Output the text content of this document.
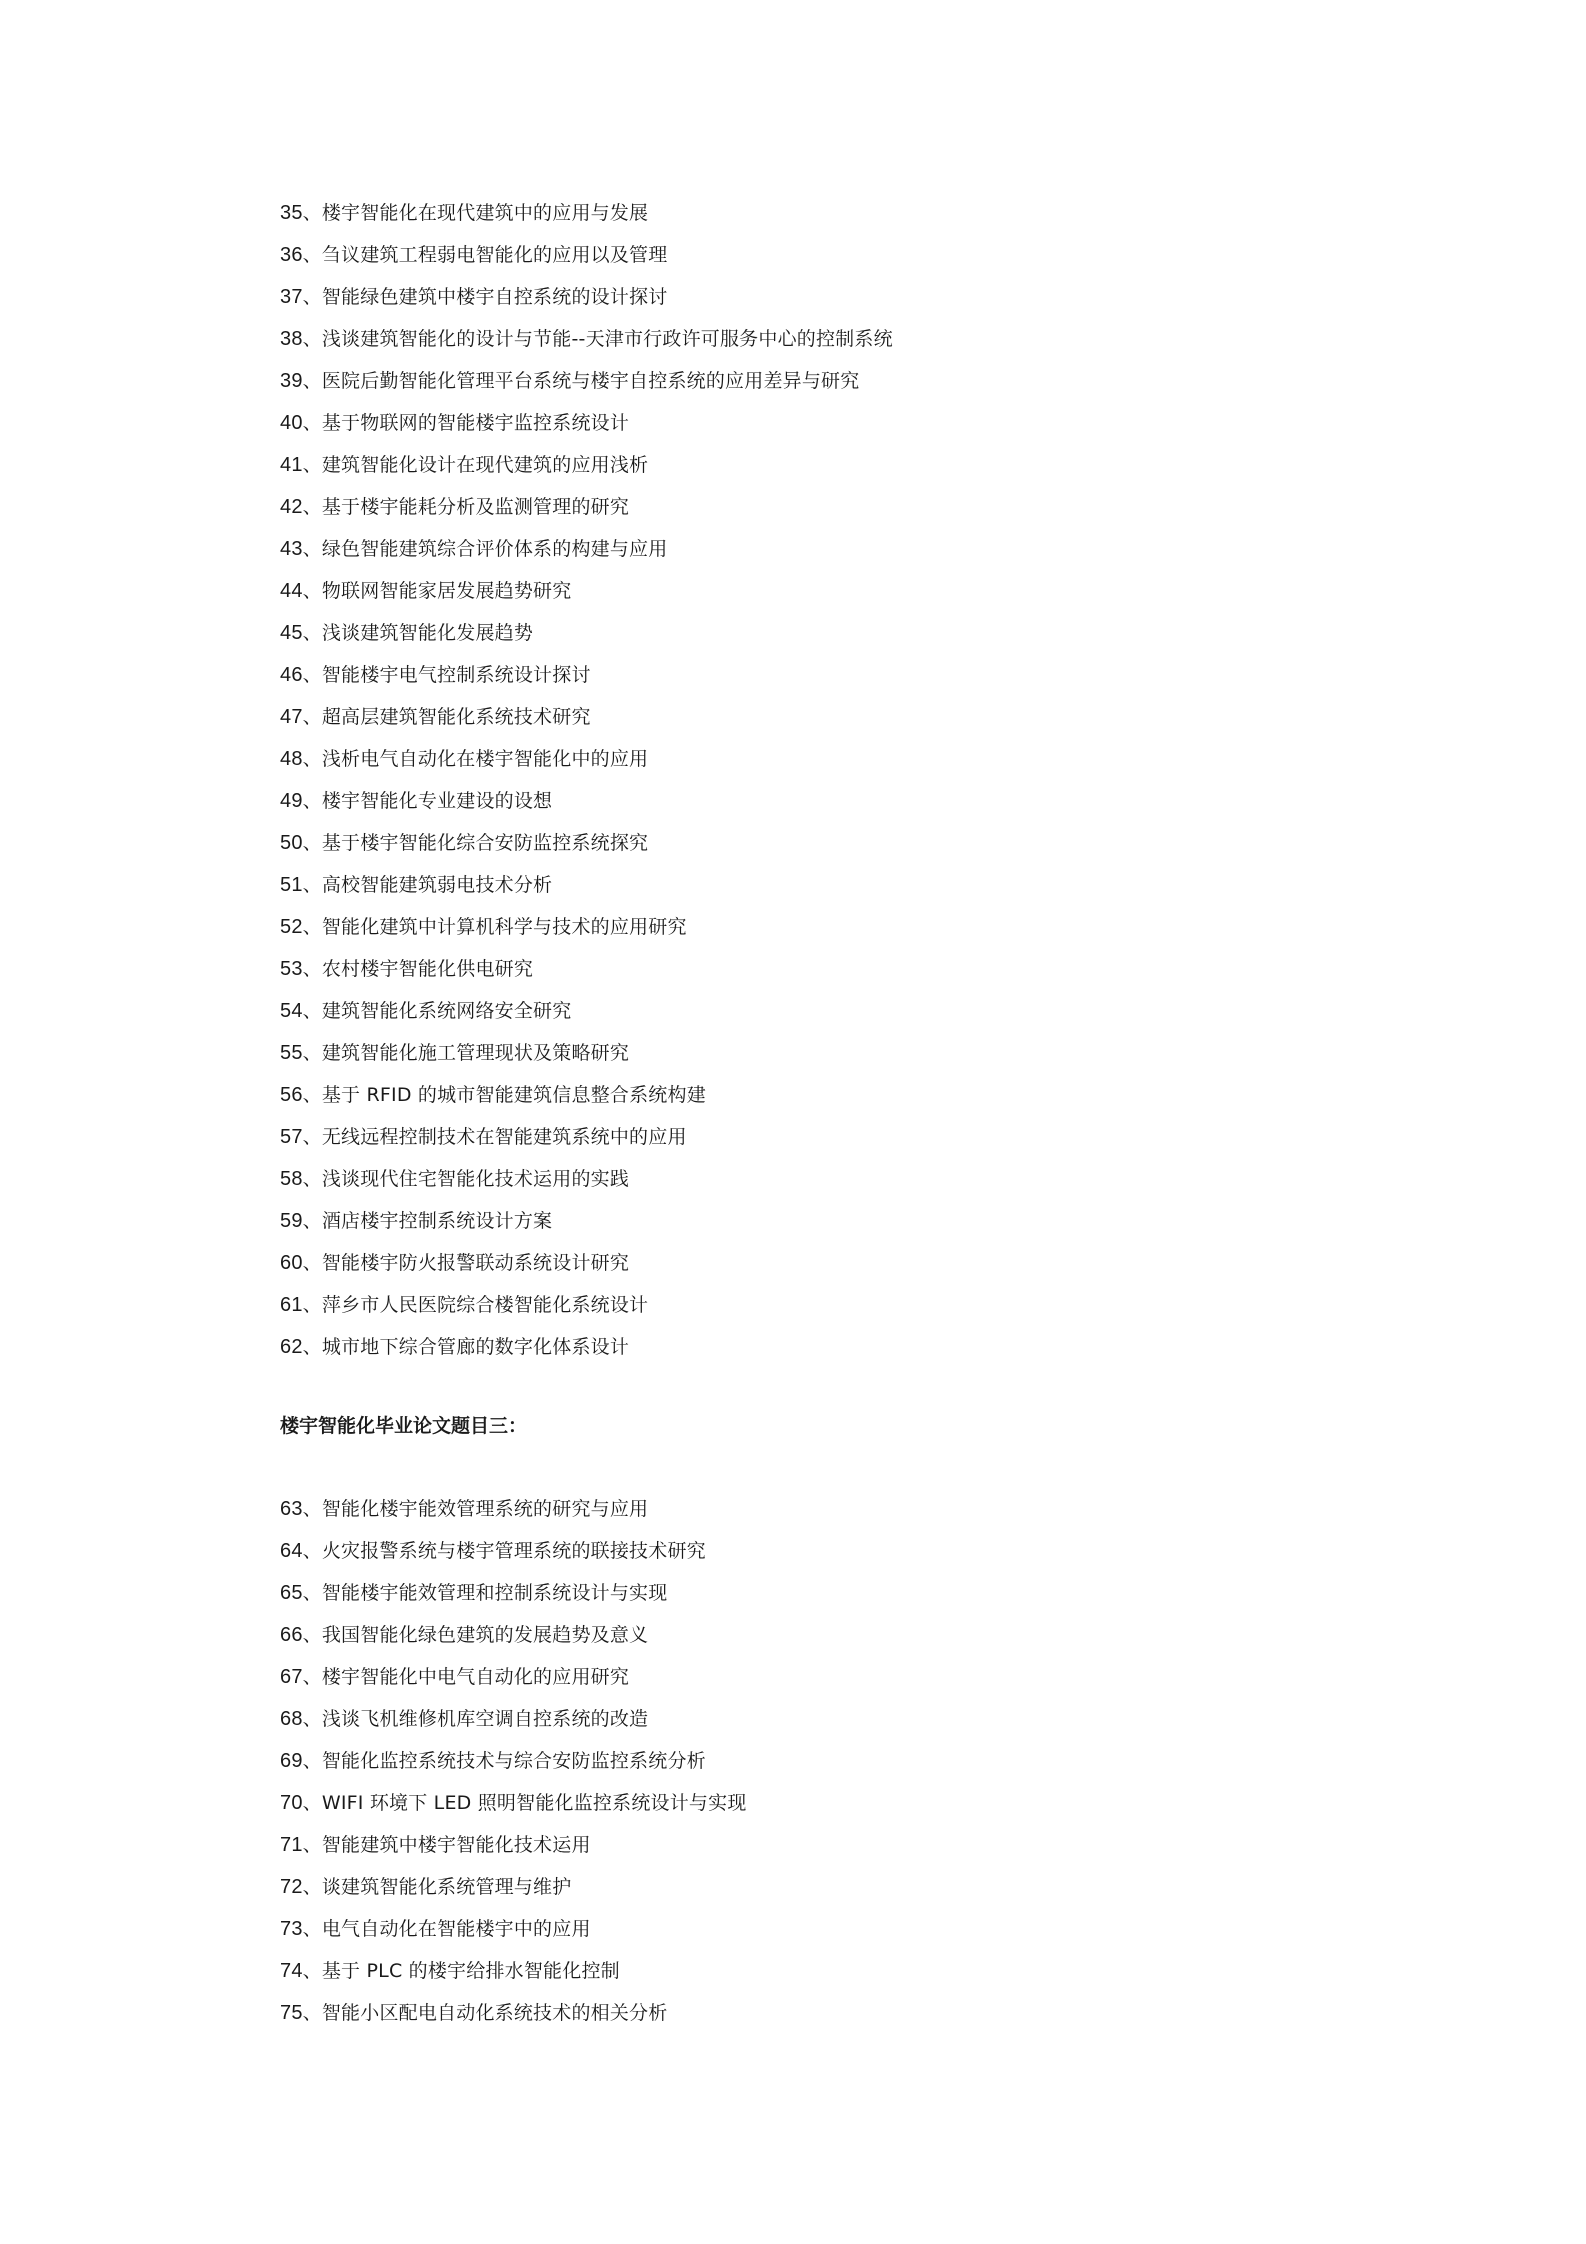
35、楼宇智能化在现代建筑中的应用与发展
36、刍议建筑工程弱电智能化的应用以及管理
37、智能绿色建筑中楼宇自控系统的设计探讨
38、浅谈建筑智能化的设计与节能--天津市行政许可服务中心的控制系统
39、医院后勤智能化管理平台系统与楼宇自控系统的应用差异与研究
40、基于物联网的智能楼宇监控系统设计
41、建筑智能化设计在现代建筑的应用浅析
42、基于楼宇能耗分析及监测管理的研究
43、绿色智能建筑综合评价体系的构建与应用
44、物联网智能家居发展趋势研究
45、浅谈建筑智能化发展趋势
46、智能楼宇电气控制系统设计探讨
47、超高层建筑智能化系统技术研究
48、浅析电气自动化在楼宇智能化中的应用
49、楼宇智能化专业建设的设想
50、基于楼宇智能化综合安防监控系统探究
51、高校智能建筑弱电技术分析
52、智能化建筑中计算机科学与技术的应用研究
53、农村楼宇智能化供电研究
54、建筑智能化系统网络安全研究
55、建筑智能化施工管理现状及策略研究
56、基于 RFID 的城市智能建筑信息整合系统构建
57、无线远程控制技术在智能建筑系统中的应用
58、浅谈现代住宅智能化技术运用的实践
59、酒店楼宇控制系统设计方案
60、智能楼宇防火报警联动系统设计研究
61、萍乡市人民医院综合楼智能化系统设计
62、城市地下综合管廊的数字化体系设计
楼宇智能化毕业论文题目三：
63、智能化楼宇能效管理系统的研究与应用
64、火灾报警系统与楼宇管理系统的联接技术研究
65、智能楼宇能效管理和控制系统设计与实现
66、我国智能化绿色建筑的发展趋势及意义
67、楼宇智能化中电气自动化的应用研究
68、浅谈飞机维修机库空调自控系统的改造
69、智能化监控系统技术与综合安防监控系统分析
70、WIFI 环境下 LED 照明智能化监控系统设计与实现
71、智能建筑中楼宇智能化技术运用
72、谈建筑智能化系统管理与维护
73、电气自动化在智能楼宇中的应用
74、基于 PLC 的楼宇给排水智能化控制
75、智能小区配电自动化系统技术的相关分析
